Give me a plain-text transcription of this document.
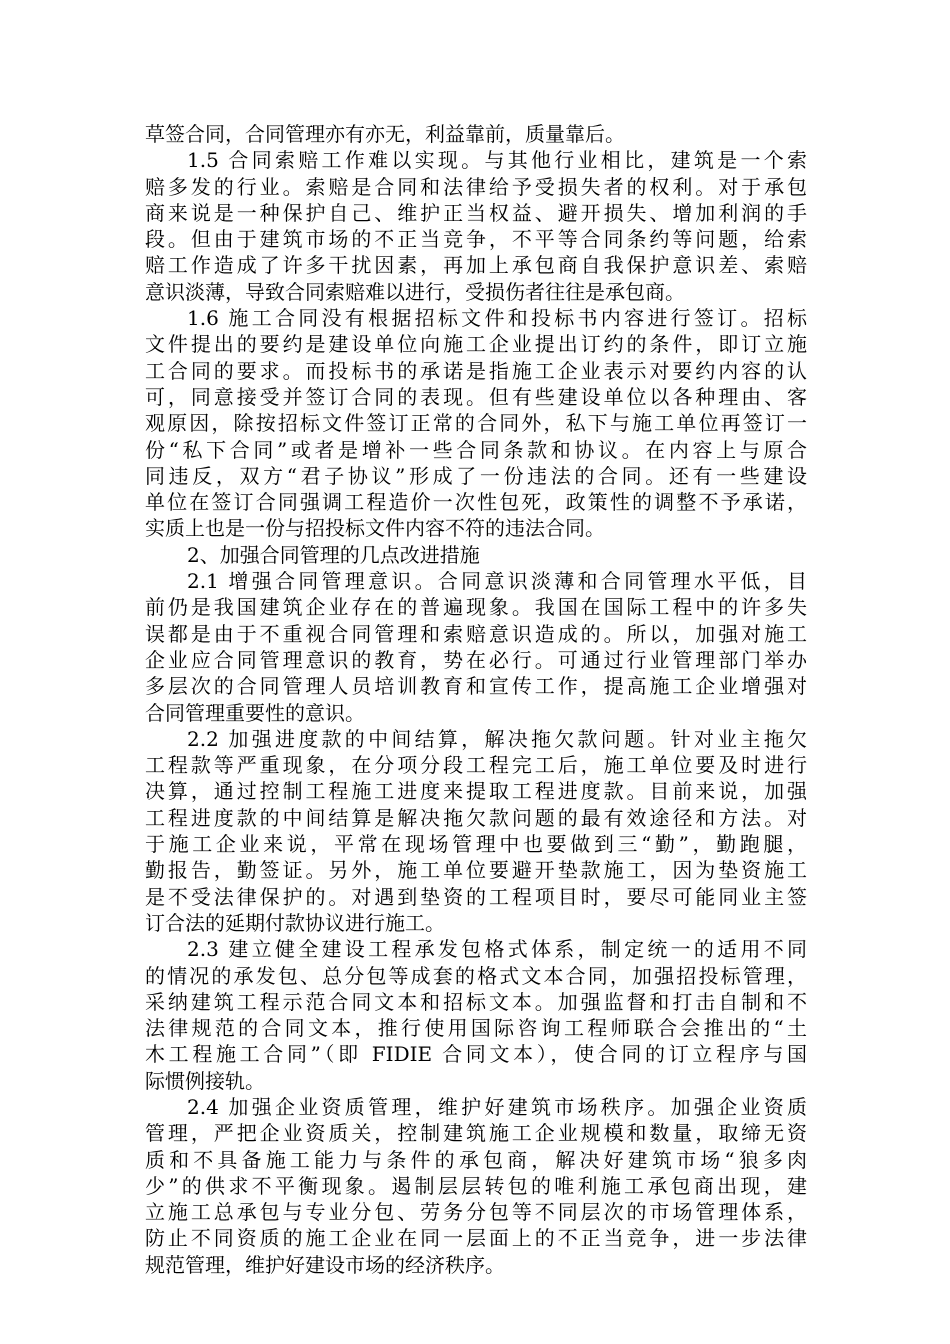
草签合同，合同管理亦有亦无，利益靠前，质量靠后。
1.5 合同索赔工作难以实现。与其他行业相比，建筑是一个索
赔多发的行业。索赔是合同和法律给予受损失者的权利。对于承包
商来说是一种保护自己、维护正当权益、避开损失、增加利润的手
段。但由于建筑市场的不正当竞争，不平等合同条约等问题，给索
赔工作造成了许多干扰因素，再加上承包商自我保护意识差、索赔
意识淡薄，导致合同索赔难以进行，受损伤者往往是承包商。
1.6 施工合同没有根据招标文件和投标书内容进行签订。招标
文件提出的要约是建设单位向施工企业提出订约的条件，即订立施
工合同的要求。而投标书的承诺是指施工企业表示对要约内容的认
可，同意接受并签订合同的表现。但有些建设单位以各种理由、客
观原因，除按招标文件签订正常的合同外，私下与施工单位再签订一
份“私下合同”或者是增补一些合同条款和协议。在内容上与原合
同违反，双方“君子协议”形成了一份违法的合同。还有一些建设
单位在签订合同强调工程造价一次性包死，政策性的调整不予承诺，
实质上也是一份与招投标文件内容不符的违法合同。
2、加强合同管理的几点改进措施
2.1 增强合同管理意识。合同意识淡薄和合同管理水平低，目
前仍是我国建筑企业存在的普遍现象。我国在国际工程中的许多失
误都是由于不重视合同管理和索赔意识造成的。所以，加强对施工
企业应合同管理意识的教育，势在必行。可通过行业管理部门举办
多层次的合同管理人员培训教育和宣传工作，提高施工企业增强对
合同管理重要性的意识。
2.2 加强进度款的中间结算，解决拖欠款问题。针对业主拖欠
工程款等严重现象，在分项分段工程完工后，施工单位要及时进行
决算，通过控制工程施工进度来提取工程进度款。目前来说，加强
工程进度款的中间结算是解决拖欠款问题的最有效途径和方法。对
于施工企业来说，平常在现场管理中也要做到三“勤”，勤跑腿，
勤报告，勤签证。另外，施工单位要避开垫款施工，因为垫资施工
是不受法律保护的。对遇到垫资的工程项目时，要尽可能同业主签
订合法的延期付款协议进行施工。
2.3 建立健全建设工程承发包格式体系，制定统一的适用不同
的情况的承发包、总分包等成套的格式文本合同，加强招投标管理，
采纳建筑工程示范合同文本和招标文本。加强监督和打击自制和不
法律规范的合同文本，推行使用国际咨询工程师联合会推出的“土
木工程施工合同”（即 FIDIE 合同文本），使合同的订立程序与国
际惯例接轨。
2.4 加强企业资质管理，维护好建筑市场秩序。加强企业资质
管理，严把企业资质关，控制建筑施工企业规模和数量，取缔无资
质和不具备施工能力与条件的承包商，解决好建筑市场“狼多肉
少”的供求不平衡现象。遏制层层转包的唯利施工承包商出现，建
立施工总承包与专业分包、劳务分包等不同层次的市场管理体系，
防止不同资质的施工企业在同一层面上的不正当竞争，进一步法律
规范管理，维护好建设市场的经济秩序。
